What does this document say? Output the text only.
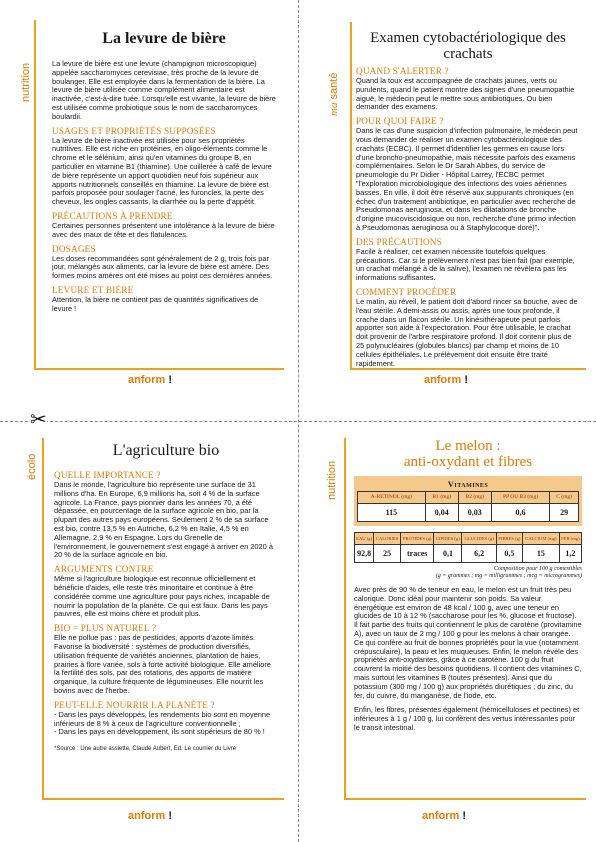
✂
nutrition
La levure de bière

La levure de bière est une levure (champignon microscopique) appelée saccharomyces cerevisiae, très proche de la levure de boulanger. Elle est employée dans la fermentation de la bière. La levure de bière utilisée comme complément alimentaire est inactivée, c'est-à-dire tuée. Lorsqu'elle est vivante, la levure de bière est utilisée comme probiotique sous le nom de saccharomyces boulardii.

USAGES ET PROPRIÉTÉS SUPPOSÉES

La levure de bière inactivée est utilisée pour ses propriétés nutritives. Elle est riche en protéines, en oligo-éléments comme le chrome et le sélénium, ainsi qu'en vitamines du groupe B, en particulier en vitamine B1 (thiamine). Une cuillerée à café de levure de bière représente un apport quotidien neuf fois supérieur aux apports nutritionnels conseillés en thiamine. La levure de bière est parfois proposée pour soulager l'acné, les furoncles, la perte des cheveux, les ongles cassants, la diarrhée ou la perte d'appétit.

PRÉCAUTIONS À PRENDRE

Certaines personnes présentent une intolérance à la levure de bière avec des maux de tête et des flatulences.

DOSAGES

Les doses recommandées sont généralement de 2 g, trois fois par jour, mélangés aux aliments, car la levure de bière est amère. Des formes moins amères ont été mises au point ces dernières années.

LEVURE ET BIÈRE

Attention, la bière ne contient pas de quantités significatives de levure !

anform !
ma santé
Examen cytobactériologique des crachats
QUAND S'ALERTER ?

Quand la toux est accompagnée de crachats jaunes, verts ou purulents, quand le patient montre des signes d'une pneumopathie aiguë, le médecin peut le mettre sous antibiotiques. Ou bien demander des examens.

POUR QUOI FAIRE ?

Dans le cas d'une suspicion d'infection pulmonaire, le médecin peut vous demander de réaliser un examen cytobactériologique des crachats (ECBC). Il permet d'identifier les germes en cause lors d'une broncho-pneumopathie, mais nécessite parfois des examens complémentaires. Selon le Dr Sarah Abbes, du service de pneumologie du Pr Didier - Hôpital Larrey, l'ECBC permet "l'exploration microbiologique des infections des voies aériennes basses. En ville, il doit être réservé aux suppurants chroniques (en échec d'un traitement antibiotique, en particulier avec recherche de Pseudomonas aeruginosa, et dans les dilatations de bronche d'origine mucoviscidosique ou non, recherche d'une primo infection à Pseudomonas aeruginosa ou à Staphylocoque doré)".

DES PRÉCAUTIONS

Facile à réaliser, cet examen nécessite toutefois quelques précautions. Car si le prélèvement n'est pas bien fait (par exemple, un crachat mélangé à de la salive), l'examen ne révèlera pas les informations suffisantes.

COMMENT PROCÉDER

Le matin, au réveil, le patient doit d'abord rincer sa bouche, avec de l'eau stérile. A demi-assis ou assis, après une toux profonde, il crache dans un flacon stérile. Un kinésithérapeute peut parfois apporter son aide à l'expectoration. Pour être utilisable, le crachat doit provenir de l'arbre respiratoire profond. Il doit contenir plus de 25 polynucléaires (globules blancs) par champ et moins de 10 cellules épithéliales. Le prélèvement doit ensuite être traité rapidement.

anform !
écolo
L'agriculture bio
QUELLE IMPORTANCE ?

Dans le monde, l'agriculture bio représente une surface de 31 millions d'ha. En Europe, 6,9 millions ha, soit 4 % de la surface agricole. La France, pays pionnier dans les années 70, a été dépassée, en pourcentage de la surface agricole en bio, par la plupart des autres pays européens. Seulement 2 % de sa surface est bio, contre 13,5 % en Autriche, 6,2 % en Italie, 4,5 % en Allemagne, 2,9 % en Espagne. Lors du Grenelle de l'environnement, le gouvernement s'est engagé à arriver en 2020 à 20 % de la surface agricole en bio.

ARGUMENTS CONTRE

Même si l'agriculture biologique est reconnue officiellement et bénéficie d'aides, elle reste très minoritaire et continue à être considérée comme une agriculture pour pays riches, incapable de nourrir la population de la planète. Ce qui est faux. Dans les pays pauvres, elle est moins chère et produit plus.

BIO = PLUS NATUREL ?

Elle ne pollue pas : pas de pesticides, apports d'azote limités. Favorise la biodiversité : systèmes de production diversifiés, utilisation fréquente de variétés anciennes, plantation de haies, prairies à flore variée, sols à forte activité biologique. Elle améliore la fertilité des sols, par des rotations, des apports de matière organique, la culture fréquente de légumineuses. Elle nourrit les bovins avec de l'herbe.

PEUT-ELLE NOURRIR LA PLANÈTE ?

- Dans les pays développés, les rendements bio sont en moyenne inférieurs de 8 % à ceux de l'agriculture conventionnelle ;

- Dans les pays en développement, ils sont supérieurs de 80 % !

*Source : Une autre assiette, Claude Aubert, Ed. Le courrier du Livre

anform !
nutrition
Le melon :
anti-oxydant et fibres
Vitamines
A-RETINOL (mg)	B1 (mg)	B2 (mg)	PP OU B3 (mg)	C (mg)
115	0,04	0,03	0,6	29
EAU (g)	CALORIES	PROTIDES (g)	LIPIDES (g)	GLUCIDES (g)	FIBRES (g)	CALCIUM (mg)	FER (mg)
92,8	25	traces	0,1	6,2	0,5	15	1,2

Composition pour 100 g comestibles

(g = grammes ; mg = milligrammes ; mcg = microgrammes)

Avec près de 90 % de teneur en eau, le melon est un fruit très peu calorique. Donc idéal pour maintenir son poids. Sa valeur énergétique est environ de 48 kcal / 100 g, avec une teneur en glucides de 10 à 12 % (saccharose pour les %, glucose et fructose). Il fait partie des fruits qui contiennent le plus de carotène (provitamine A), avec un taux de 2 mg / 100 g pour les melons à chair orangée. Ce qui confère au fruit de bonnes propriétés pour la vue (notamment crépusculaire), la peau et les muqueuses. Enfin, le melon révèle des propriétés anti-oxydantes, grâce à ce carotène. 100 g du fruit couvrent la moitié des besoins quotidiens. Il contient des vitamines C, mais surtout les vitamines B (toutes présentes). Ainsi que du potassium (300 mg / 100 g) aux propriétés diurétiques ; du zinc, du fer, du cuivre, du manganèse, de l'iode, etc.

Enfin, les fibres, présentes également (hémicelluloses et pectines) et inférieures à 1 g / 100 g, lui confèrent des vertus intéressantes pour le transit intestinal.

anform !
